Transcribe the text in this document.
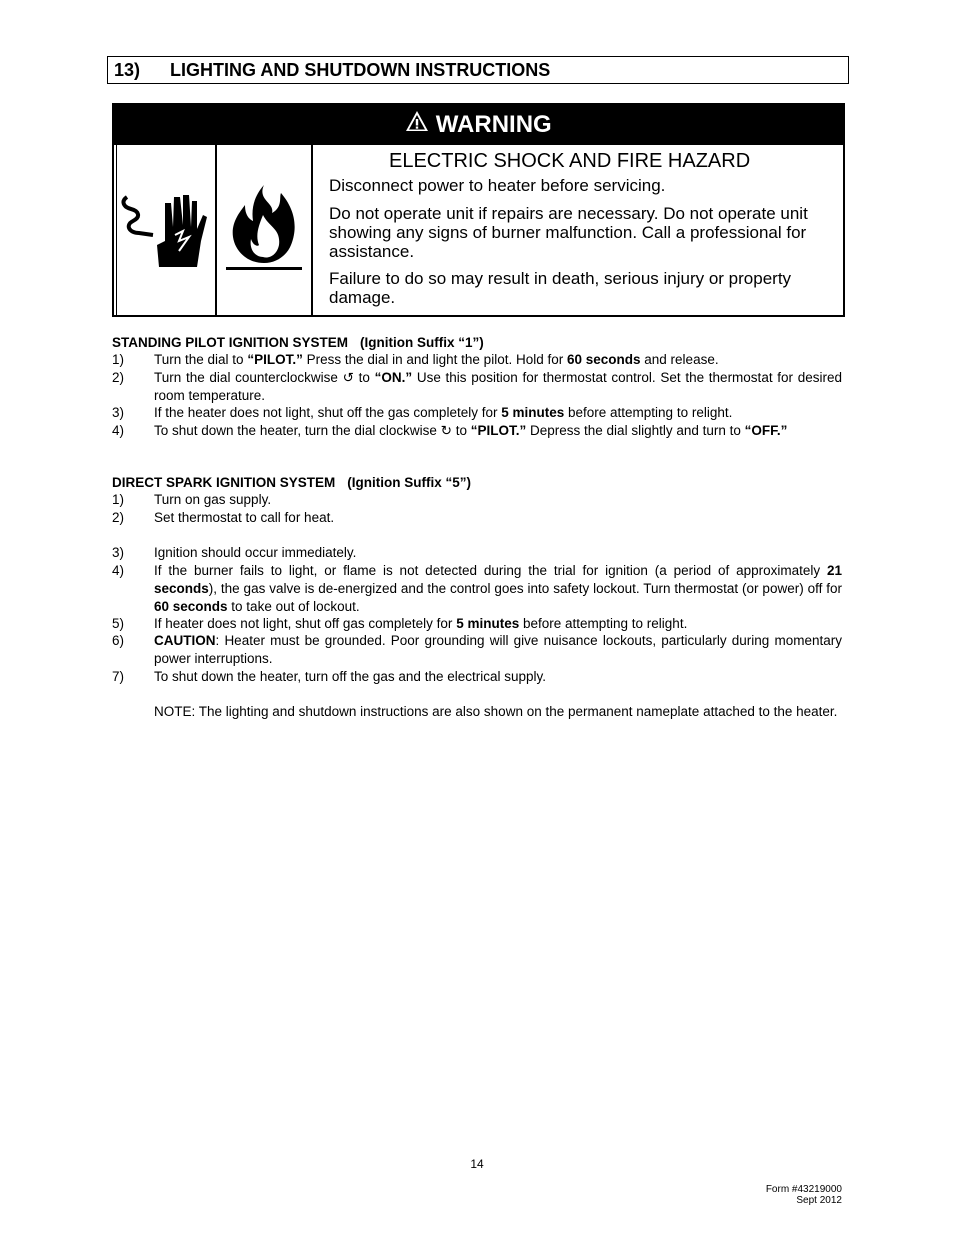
13) LIGHTING AND SHUTDOWN INSTRUCTIONS
WARNING
ELECTRIC SHOCK AND FIRE HAZARD

Disconnect power to heater before servicing.

Do not operate unit if repairs are necessary. Do not operate unit showing any signs of burner malfunction. Call a professional for assistance.

Failure to do so may result in death, serious injury or property damage.

STANDING PILOT IGNITION SYSTEM (Ignition Suffix “1”)
1) Turn the dial to “PILOT.” Press the dial in and light the pilot. Hold for 60 seconds and release.
2) Turn the dial counterclockwise ↺ to “ON.” Use this position for thermostat control. Set the thermostat for desired room temperature.
3) If the heater does not light, shut off the gas completely for 5 minutes before attempting to relight.
4) To shut down the heater, turn the dial clockwise ↻ to “PILOT.” Depress the dial slightly and turn to “OFF.”
DIRECT SPARK IGNITION SYSTEM (Ignition Suffix “5”)
1) Turn on gas supply.
2) Set thermostat to call for heat.
3) Ignition should occur immediately.
4) If the burner fails to light, or flame is not detected during the trial for ignition (a period of approximately 21 seconds), the gas valve is de-energized and the control goes into safety lockout. Turn thermostat (or power) off for 60 seconds to take out of lockout.
5) If heater does not light, shut off gas completely for 5 minutes before attempting to relight.
6) CAUTION: Heater must be grounded. Poor grounding will give nuisance lockouts, particularly during momentary power interruptions.
7) To shut down the heater, turn off the gas and the electrical supply.
NOTE: The lighting and shutdown instructions are also shown on the permanent nameplate attached to the heater.
14
Form #43219000
Sept 2012
